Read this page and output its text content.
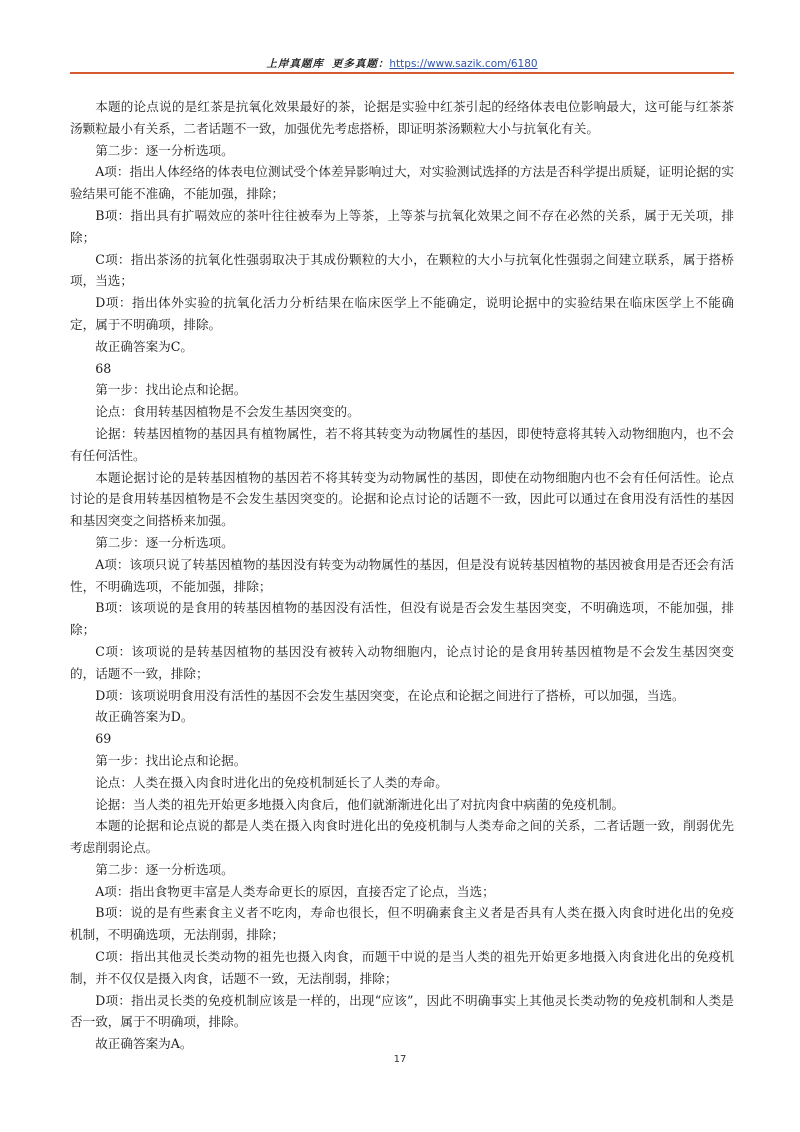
上岸真题库 更多真题：https://www.sazik.com/6180

本题的论点说的是红茶是抗氧化效果最好的茶，论据是实验中红茶引起的经络体表电位影响最大，这可能与红茶茶汤颗粒最小有关系，二者话题不一致，加强优先考虑搭桥，即证明茶汤颗粒大小与抗氧化有关。

第二步：逐一分析选项。

A项：指出人体经络的体表电位测试受个体差异影响过大，对实验测试选择的方法是否科学提出质疑，证明论据的实验结果可能不准确，不能加强，排除；

B项：指出具有扩嗝效应的茶叶往往被奉为上等茶，上等茶与抗氧化效果之间不存在必然的关系，属于无关项，排除；

C项：指出茶汤的抗氧化性强弱取决于其成份颗粒的大小，在颗粒的大小与抗氧化性强弱之间建立联系，属于搭桥项，当选；

D项：指出体外实验的抗氧化活力分析结果在临床医学上不能确定，说明论据中的实验结果在临床医学上不能确定，属于不明确项，排除。

故正确答案为C。

68

第一步：找出论点和论据。

论点：食用转基因植物是不会发生基因突变的。

论据：转基因植物的基因具有植物属性，若不将其转变为动物属性的基因，即使特意将其转入动物细胞内，也不会有任何活性。

本题论据讨论的是转基因植物的基因若不将其转变为动物属性的基因，即使在动物细胞内也不会有任何活性。论点讨论的是食用转基因植物是不会发生基因突变的。论据和论点讨论的话题不一致，因此可以通过在食用没有活性的基因和基因突变之间搭桥来加强。

第二步：逐一分析选项。

A项：该项只说了转基因植物的基因没有转变为动物属性的基因，但是没有说转基因植物的基因被食用是否还会有活性，不明确选项，不能加强，排除；

B项：该项说的是食用的转基因植物的基因没有活性，但没有说是否会发生基因突变，不明确选项，不能加强，排除；

C项：该项说的是转基因植物的基因没有被转入动物细胞内，论点讨论的是食用转基因植物是不会发生基因突变的，话题不一致，排除；

D项：该项说明食用没有活性的基因不会发生基因突变，在论点和论据之间进行了搭桥，可以加强，当选。

故正确答案为D。

69

第一步：找出论点和论据。

论点：人类在摄入肉食时进化出的免疫机制延长了人类的寿命。

论据：当人类的祖先开始更多地摄入肉食后，他们就渐渐进化出了对抗肉食中病菌的免疫机制。

本题的论据和论点说的都是人类在摄入肉食时进化出的免疫机制与人类寿命之间的关系，二者话题一致，削弱优先考虑削弱论点。

第二步：逐一分析选项。

A项：指出食物更丰富是人类寿命更长的原因，直接否定了论点，当选；

B项：说的是有些素食主义者不吃肉，寿命也很长，但不明确素食主义者是否具有人类在摄入肉食时进化出的免疫机制，不明确选项，无法削弱，排除；

C项：指出其他灵长类动物的祖先也摄入肉食，而题干中说的是当人类的祖先开始更多地摄入肉食进化出的免疫机制，并不仅仅是摄入肉食，话题不一致，无法削弱，排除；

D项：指出灵长类的免疫机制应该是一样的，出现“应该”，因此不明确事实上其他灵长类动物的免疫机制和人类是否一致，属于不明确项，排除。

故正确答案为A。

17
